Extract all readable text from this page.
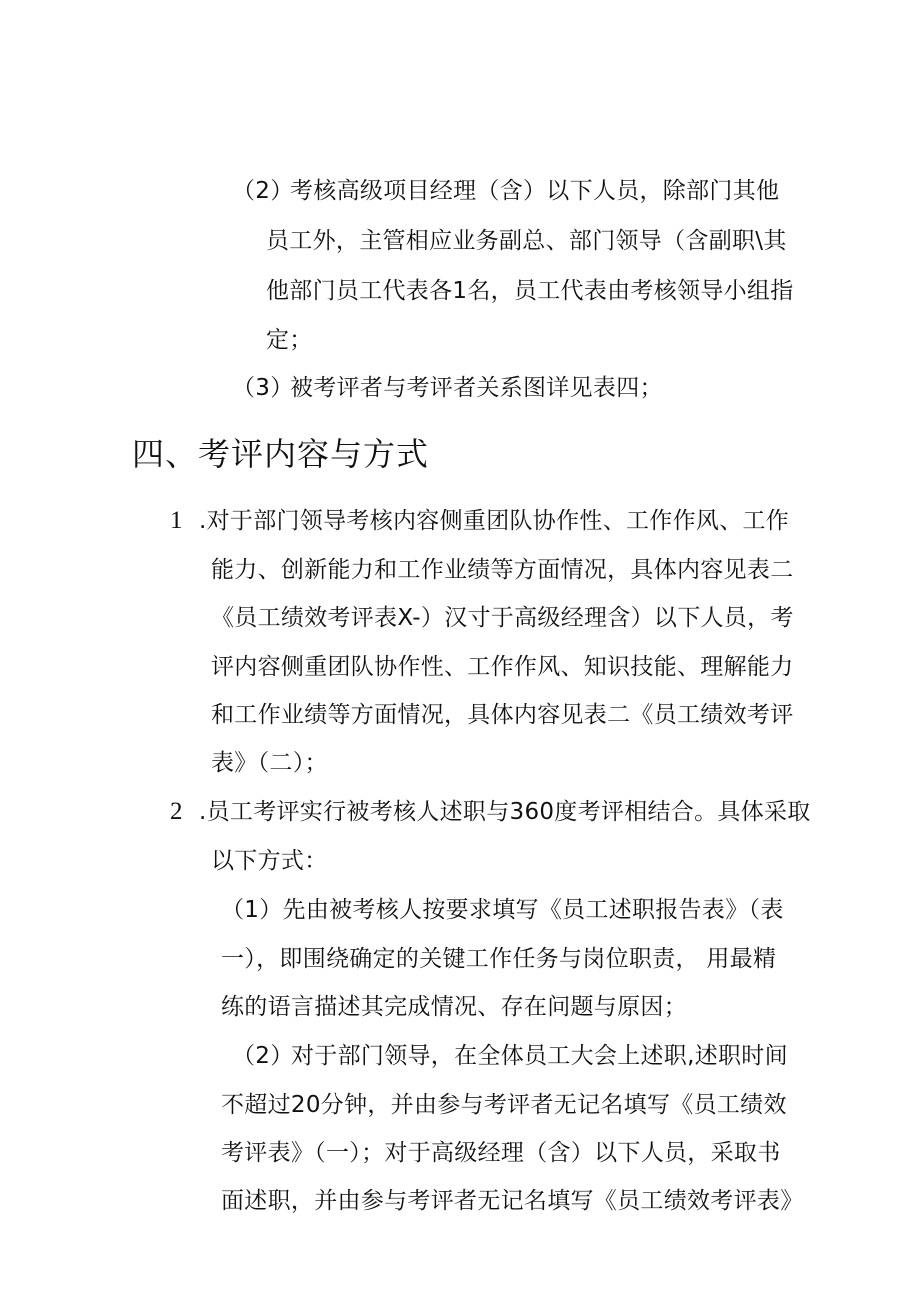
（2）
考核高级项目经理（含）以下人员，除部门其他
员工外，主管相应业务副总、部门领导（含副职\其
他部门员工代表各1名，员工代表由考核领导小组指
定；
（3）
被考评者与考评者关系图详见表四；
四、考评内容与方式
1 .对于部门领导考核内容侧重团队协作性、工作作风、工作
能力、创新能力和工作业绩等方面情况，具体内容见表二
《员工绩效考评表X-）汉寸于高级经理含）以下人员，考
评内容侧重团队协作性、工作作风、知识技能、理解能力
和工作业绩等方面情况，具体内容见表二《员工绩效考评
表》（二）；
2 .员工考评实行被考核人述职与360度考评相结合。具体采取
以下方式：
（1）先由被考核人按要求填写《员工述职报告表》（表
一），即围绕确定的关键工作任务与岗位职责， 用最精
练的语言描述其完成情况、存在问题与原因；
（2）
对于部门领导，在全体员工大会上述职,述职时间
不超过20分钟，并由参与考评者无记名填写《员工绩效
考评表》（一）；对于高级经理（含）以下人员，采取书
面述职，并由参与考评者无记名填写《员工绩效考评表》
